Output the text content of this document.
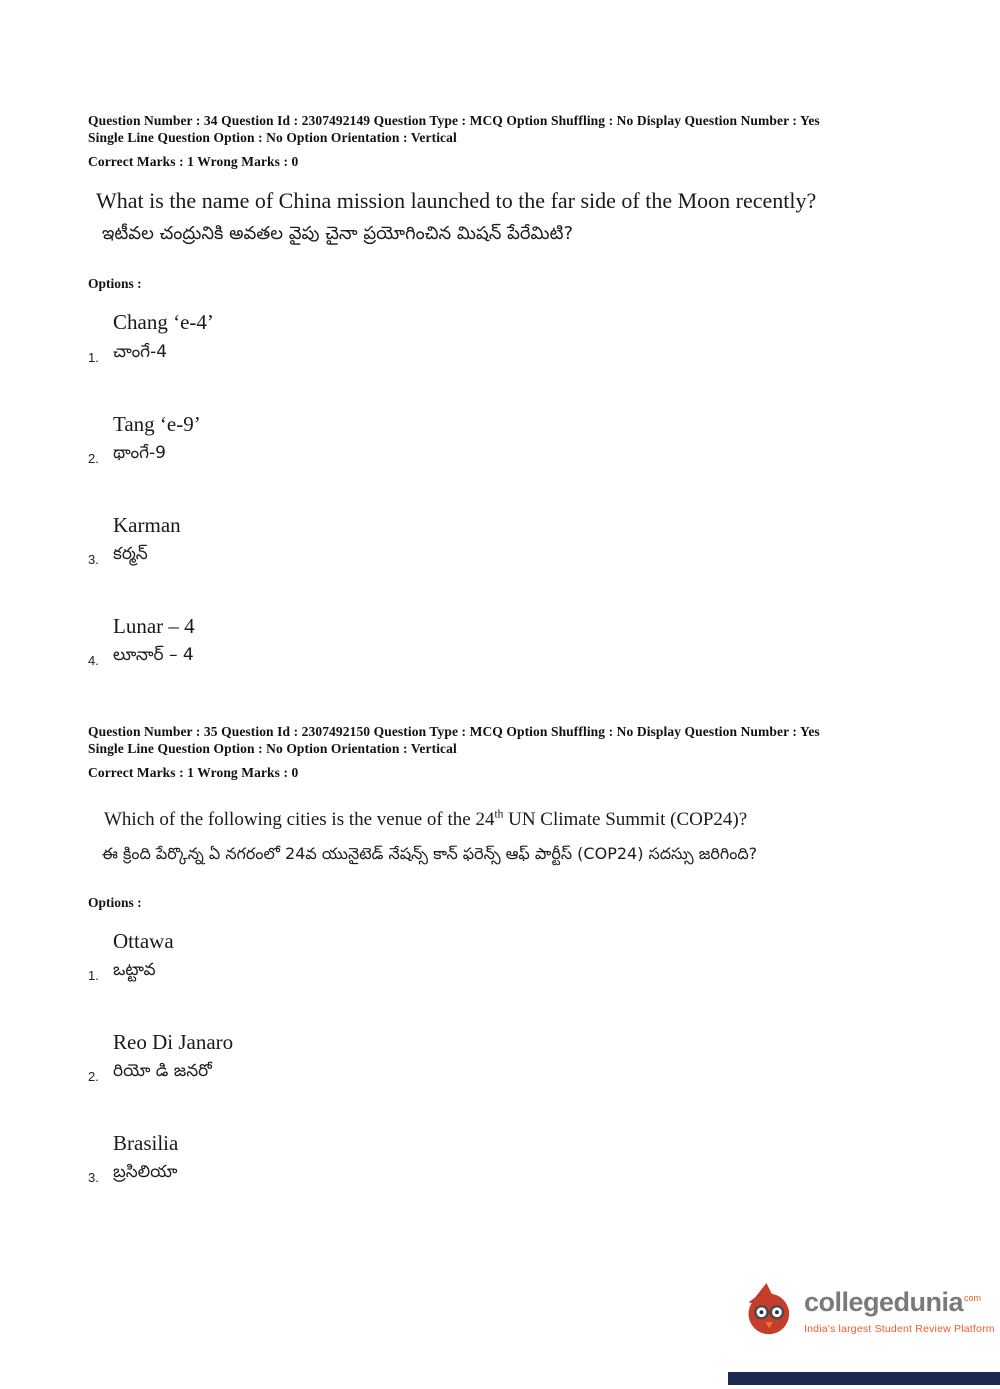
Question Number : 34 Question Id : 2307492149 Question Type : MCQ Option Shuffling : No Display Question Number : Yes
Single Line Question Option : No Option Orientation : Vertical
Correct Marks : 1 Wrong Marks : 0
What is the name of China mission launched to the far side of the Moon recently?
ఇటీవల చంద్రునికి అవతల వైపు చైనా ప్రయోగించిన మిషన్ పేరేమిటి?
Options :
1.
Chang ‘e-4’
చాంగే-4
2.
Tang ‘e-9’
థాంగే-9
3.
Karman
కర్మన్
4.
Lunar – 4
లూనార్ – 4
Question Number : 35 Question Id : 2307492150 Question Type : MCQ Option Shuffling : No Display Question Number : Yes
Single Line Question Option : No Option Orientation : Vertical
Correct Marks : 1 Wrong Marks : 0
Which of the following cities is the venue of the 24th UN Climate Summit (COP24)?
ఈ క్రింది పేర్కొన్న ఏ నగరంలో 24వ యునైటెడ్ నేషన్స్ కాన్ ఫరెన్స్ ఆఫ్ పార్టీస్ (COP24) సదస్సు జరిగింది?
Options :
1.
Ottawa
ఒట్టావ
2.
Reo Di Janaro
రియో డి జనరో
3.
Brasilia
బ్రసిలియా
collegedunia$^{com}$
India's largest Student Review Platform
